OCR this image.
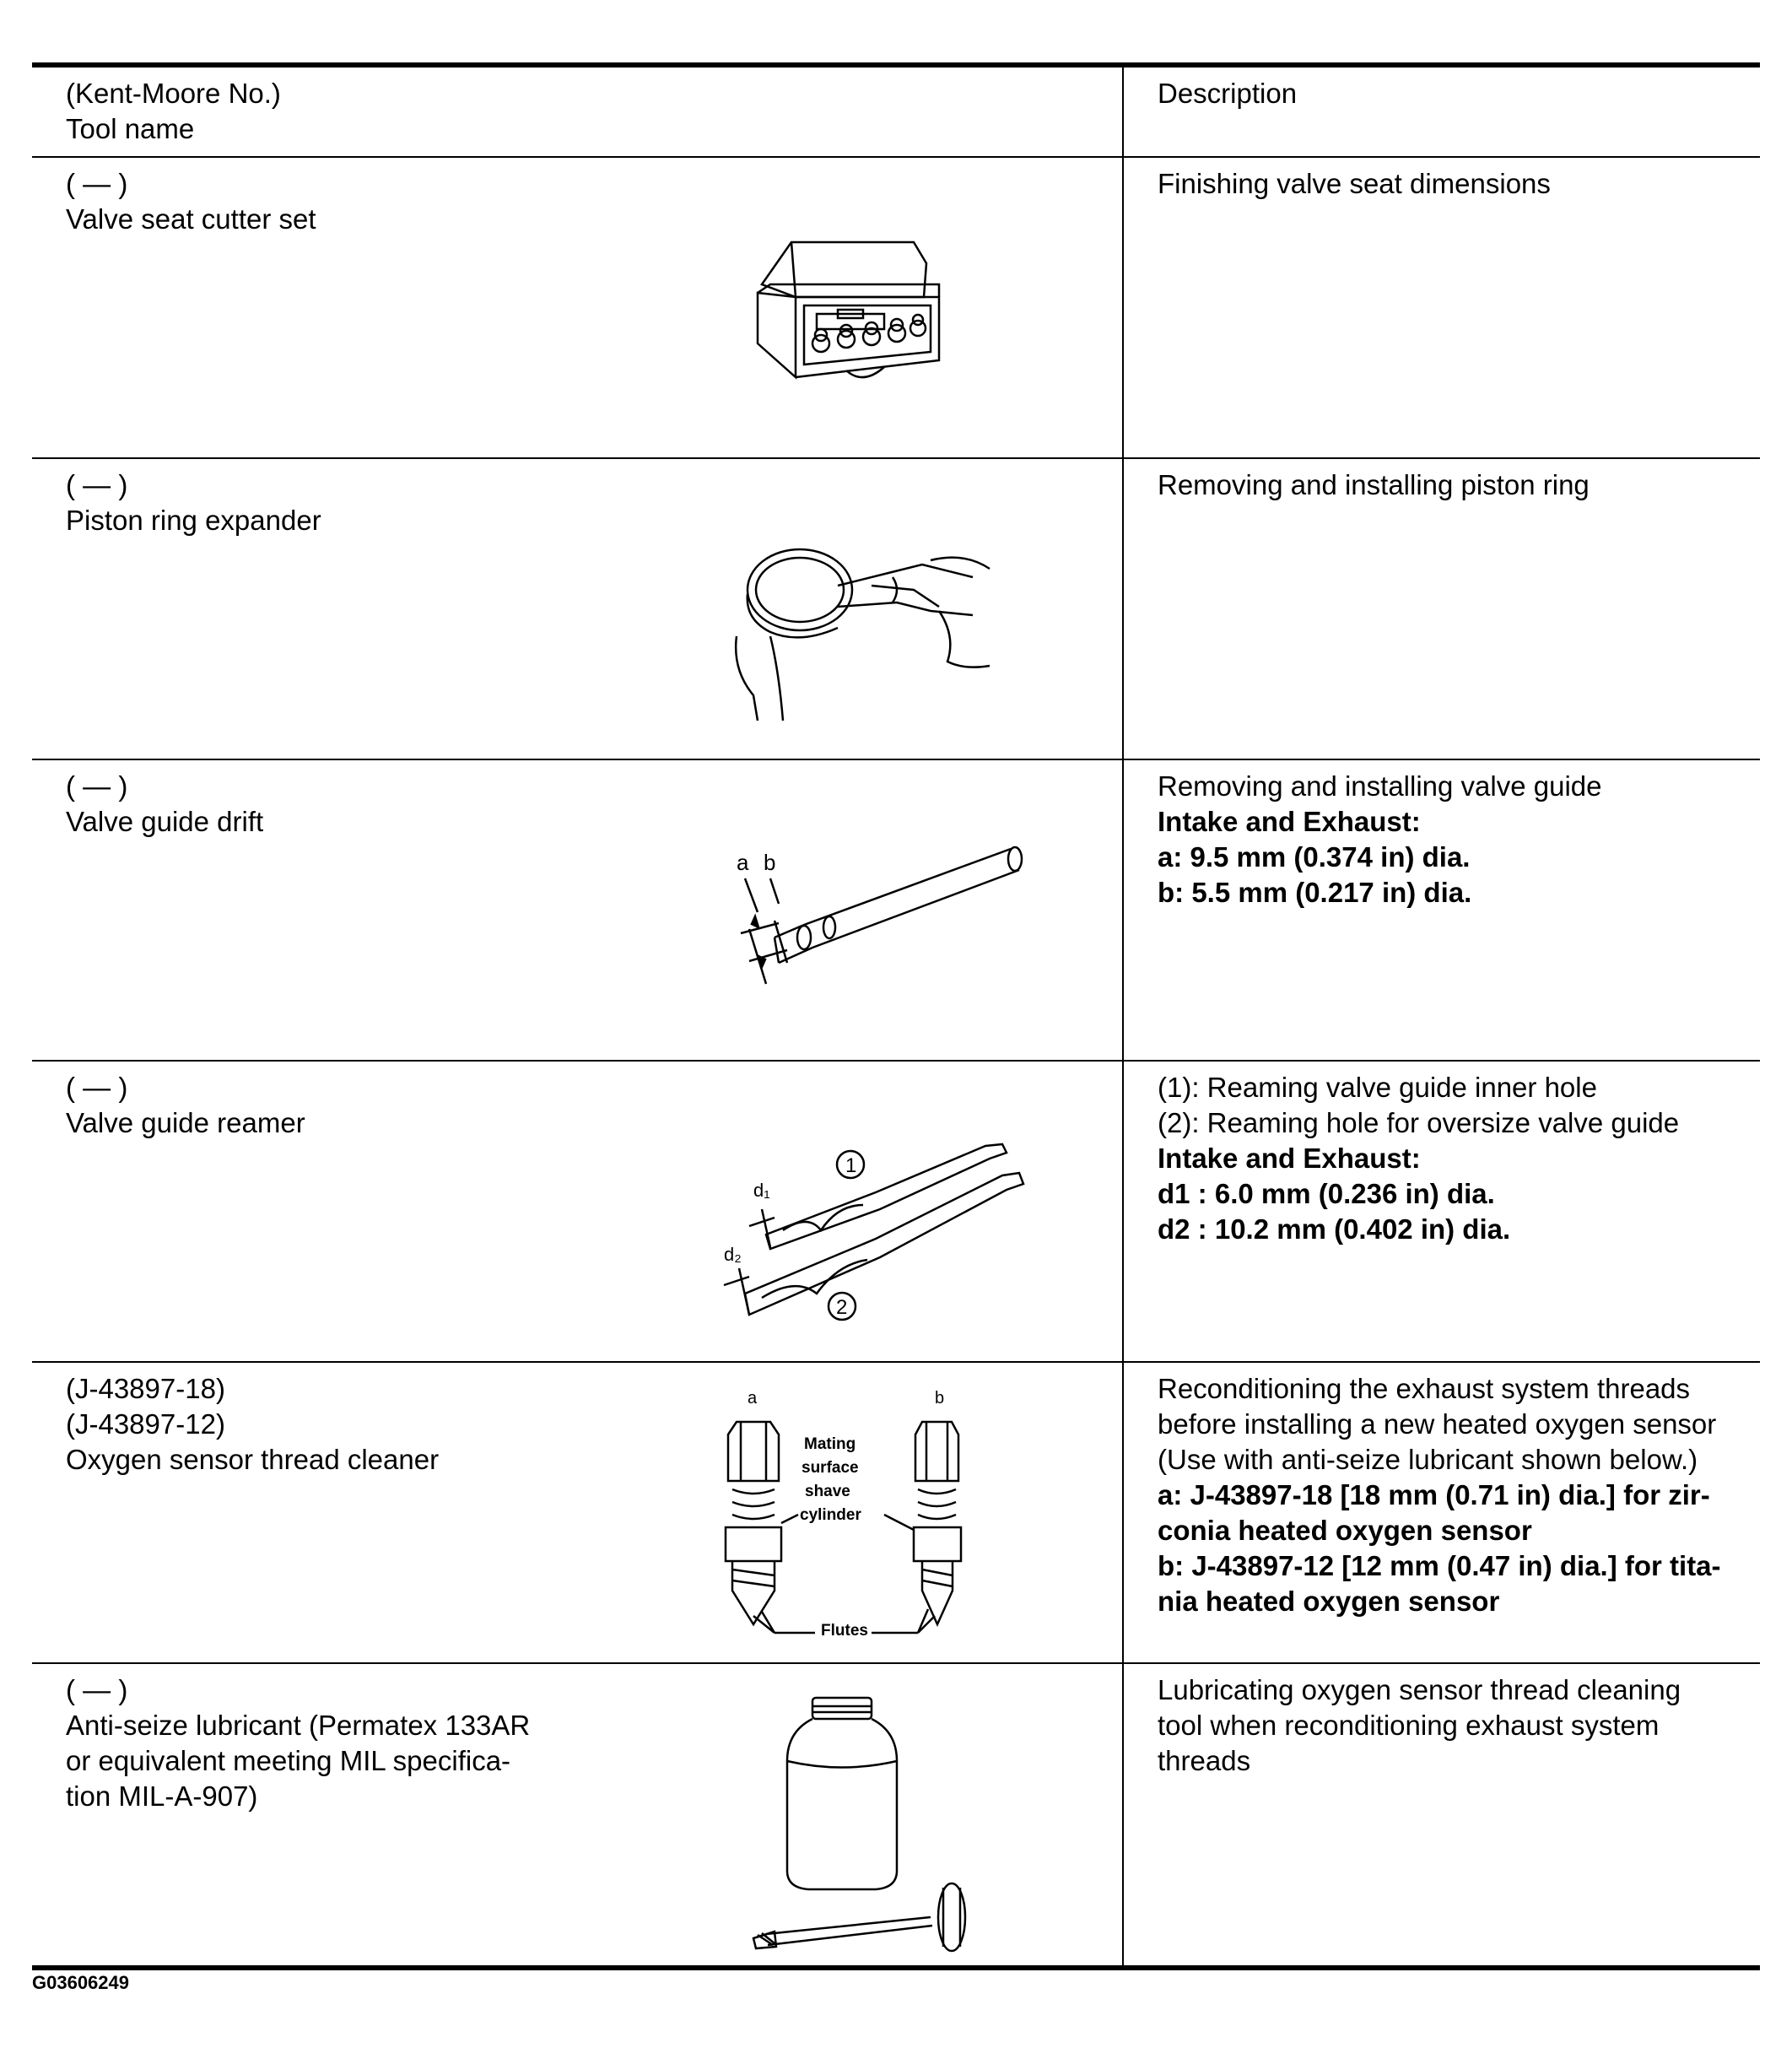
(Kent-Moore No.)
Tool name
Description
( — )
Valve seat cutter set
Finishing valve seat dimensions
( — )
Piston ring expander
Removing and installing piston ring
( — )
Valve guide drift
a b
Removing and installing valve guide
Intake and Exhaust:
a: 9.5 mm (0.374 in) dia.
b: 5.5 mm (0.217 in) dia.
( — )
Valve guide reamer
1
2
d₁
d₂
(1): Reaming valve guide inner hole
(2): Reaming hole for oversize valve guide
Intake and Exhaust:
d1 : 6.0 mm (0.236 in) dia.
d2 : 10.2 mm (0.402 in) dia.
(J-43897-18)
(J-43897-12)
Oxygen sensor thread cleaner
a	b
Mating
surface
shave
cylinder
Flutes
Reconditioning the exhaust system threads
before installing a new heated oxygen sensor
(Use with anti-seize lubricant shown below.)
a: J-43897-18 [18 mm (0.71 in) dia.] for zir-
conia heated oxygen sensor
b: J-43897-12 [12 mm (0.47 in) dia.] for tita-
nia heated oxygen sensor
( — )
Anti-seize lubricant (Permatex 133AR
or equivalent meeting MIL specifica-
tion MIL-A-907)
Lubricating oxygen sensor thread cleaning
tool when reconditioning exhaust system
threads
G03606249
